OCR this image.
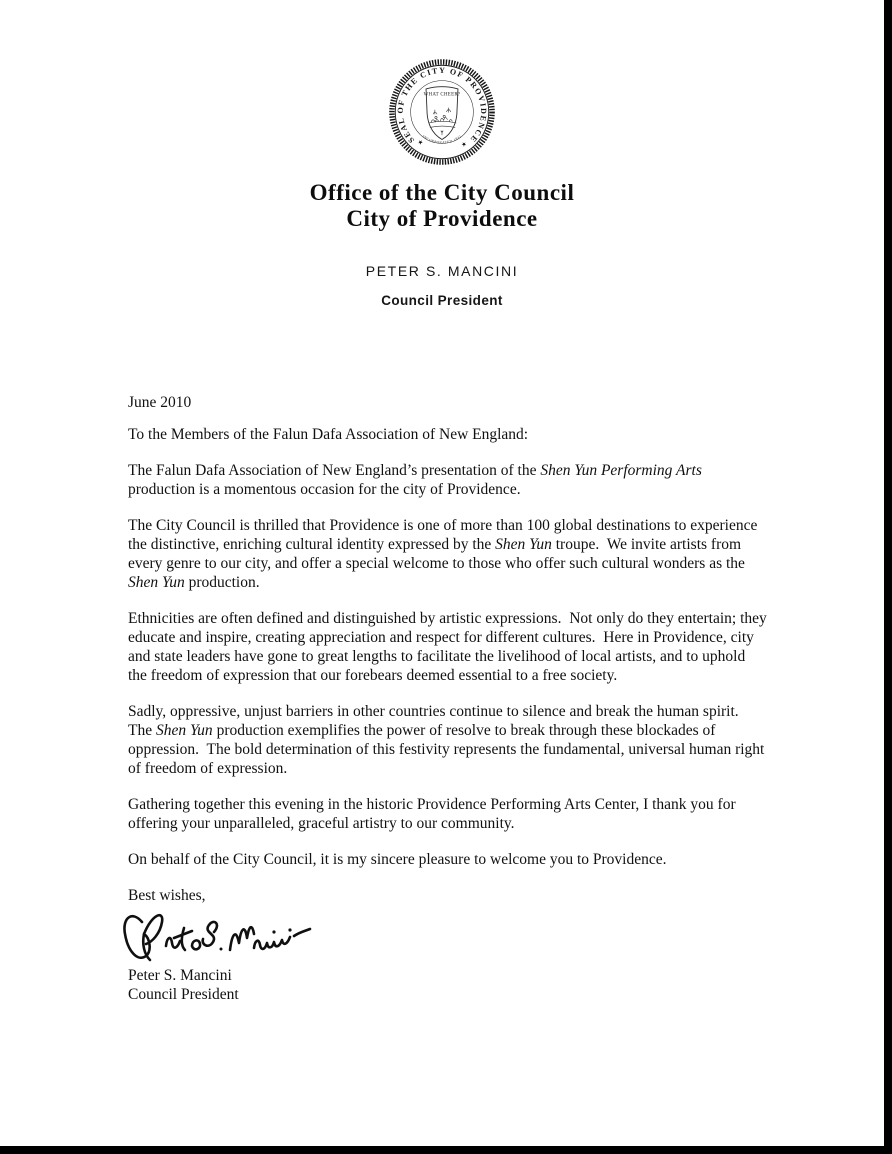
SEAL OF THE CITY OF PROVIDENCE
★	★
WHAT CHEER?
INCORPORATED 1832
Office of the City Council
City of Providence
PETER S. MANCINI
Council President

June 2010

To the Members of the Falun Dafa Association of New England:

The Falun Dafa Association of New England’s presentation of the Shen Yun Performing Arts production is a momentous occasion for the city of Providence.

The City Council is thrilled that Providence is one of more than 100 global destinations to experience the distinctive, enriching cultural identity expressed by the Shen Yun troupe.  We invite artists from every genre to our city, and offer a special welcome to those who offer such cultural wonders as the Shen Yun production.

Ethnicities are often defined and distinguished by artistic expressions.  Not only do they entertain; they educate and inspire, creating appreciation and respect for different cultures.  Here in Providence, city and state leaders have gone to great lengths to facilitate the livelihood of local artists, and to uphold the freedom of expression that our forebears deemed essential to a free society.

Sadly, oppressive, unjust barriers in other countries continue to silence and break the human spirit.  The Shen Yun production exemplifies the power of resolve to break through these blockades of oppression.  The bold determination of this festivity represents the fundamental, universal human right of freedom of expression.

Gathering together this evening in the historic Providence Performing Arts Center, I thank you for offering your unparalleled, graceful artistry to our community.

On behalf of the City Council, it is my sincere pleasure to welcome you to Providence.

Best wishes,

Peter S. Mancini

Council President
